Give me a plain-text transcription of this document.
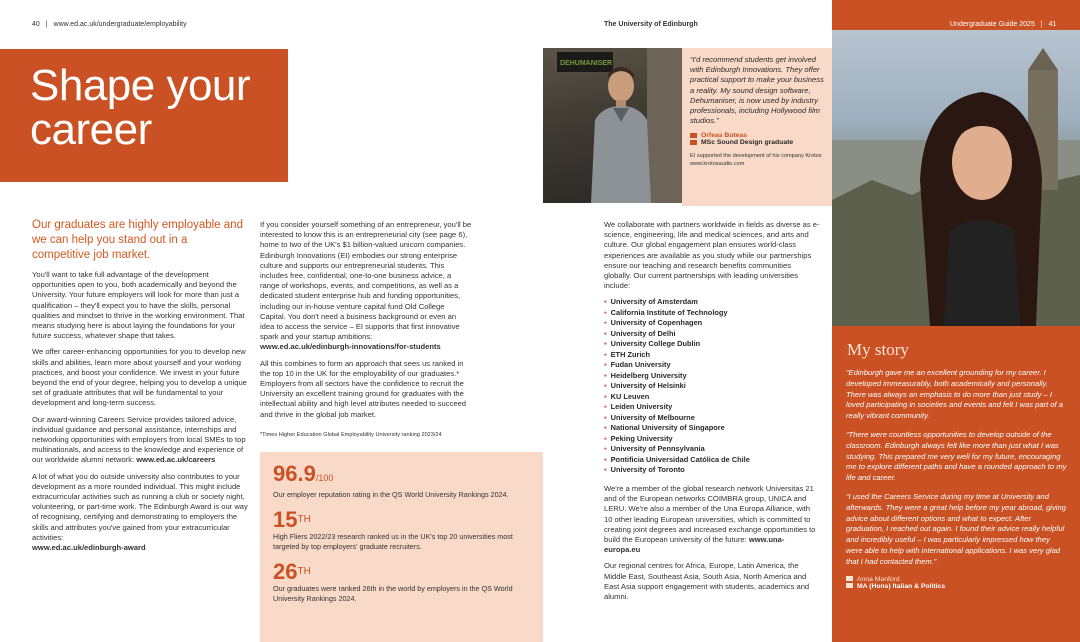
40 | www.ed.ac.uk/undergraduate/employability	The University of Edinburgh
Shape your
career
Our graduates are highly employable and we can help you stand out in a competitive job market.

You'll want to take full advantage of the development opportunities open to you, both academically and beyond the University. Your future employers will look for more than just a qualification – they'll expect you to have the skills, personal qualities and mindset to thrive in the working environment. That means studying here is about laying the foundations for your future success, whatever shape that takes.

We offer career-enhancing opportunities for you to develop new skills and abilities, learn more about yourself and your working practices, and boost your confidence. We invest in your future beyond the end of your degree, helping you to develop a unique set of graduate attributes that will be fundamental to your development and long-term success.

Our award-winning Careers Service provides tailored advice, individual guidance and personal assistance, internships and networking opportunities with employers from local SMEs to top multinationals, and access to the knowledge and experience of our worldwide alumni network: www.ed.ac.uk/careers

A lot of what you do outside university also contributes to your development as a more rounded individual. This might include extracurricular activities such as running a club or society night, volunteering, or part-time work. The Edinburgh Award is our way of recognising, certifying and demonstrating to employers the skills and attributes you've gained from your extracurricular activities:
www.ed.ac.uk/edinburgh-award

If you consider yourself something of an entrepreneur, you'll be interested to know this is an entrepreneurial city (see page 6), home to two of the UK's $1 billion-valued unicorn companies. Edinburgh Innovations (EI) embodies our strong enterprise culture and supports our entrepreneurial students. This includes free, confidential, one-to-one business advice, a range of workshops, events, and competitions, as well as a dedicated student enterprise hub and funding opportunities, including our in-house venture capital fund Old College Capital. You don't need a business background or even an idea to access the service – EI supports that first innovative spark and your startup ambitions:
www.ed.ac.uk/edinburgh-innovations/for-students

All this combines to form an approach that sees us ranked in the top 10 in the UK for the employability of our graduates.* Employers from all sectors have the confidence to recruit the University an excellent training ground for graduates with the intellectual ability and high level attributes needed to succeed and thrive in the global job market.

*Times Higher Education Global Employability University ranking 2023/24
96.9/100
Our employer reputation rating in the QS World University Rankings 2024.
15TH
High Fliers 2022/23 research ranked us in the UK's top 20 universities most targeted by top employers' graduate recruiters.
26TH
Our graduates were ranked 26th in the world by employers in the QS World University Rankings 2024.
DEHUMANISER	“I'd recommend students get involved with Edinburgh Innovations. They offer practical support to make your business a reality. My sound design software, Dehumaniser, is now used by industry professionals, including Hollywood film studios.”
Orfeas Boteas
MSc Sound Design graduate
EI supported the development of his company Krotos www.krotosaudio.com

We collaborate with partners worldwide in fields as diverse as e-science, engineering, life and medical sciences, and arts and culture. Our global engagement plan ensures world-class experiences are available as you study while our partnerships ensure our teaching and research benefits communities globally. Our current partnerships with leading universities include:

▪ University of Amsterdam
▪ California Institute of Technology
▪ University of Copenhagen
▪ University of Delhi
▪ University College Dublin
▪ ETH Zurich
▪ Fudan University
▪ Heidelberg University
▪ University of Helsinki
▪ KU Leuven
▪ Leiden University
▪ University of Melbourne
▪ National University of Singapore
▪ Peking University
▪ University of Pennsylvania
▪ Pontificia Universidad Católica de Chile
▪ University of Toronto

We're a member of the global research network Universitas 21 and of the European networks COIMBRA group, UNICA and LERU. We're also a member of the Una Europa Alliance, with 10 other leading European universities, which is committed to creating joint degrees and increased exchange opportunities to build the European university of the future: www.una-europa.eu

Our regional centres for Africa, Europe, Latin America, the Middle East, Southeast Asia, South Asia, North America and East Asia support engagement with students, academics and alumni.

Undergraduate Guide 2025 | 41
My story
“Edinburgh gave me an excellent grounding for my career. I developed immeasurably, both academically and personally. There was always an emphasis to do more than just study – I loved participating in societies and events and felt I was part of a really vibrant community.
“There were countless opportunities to develop outside of the classroom. Edinburgh always felt like more than just what I was studying. This prepared me very well for my future, encouraging me to explore different paths and have a rounded approach to my life and career.
“I used the Careers Service during my time at University and afterwards. They were a great help before my year abroad, giving advice about different options and what to expect. After graduation, I reached out again. I found their advice really helpful and incredibly useful – I was particularly impressed how they were able to help with international applications. I was very glad that I had contacted them.”
Anna Manford
MA (Hons) Italian & Politics
